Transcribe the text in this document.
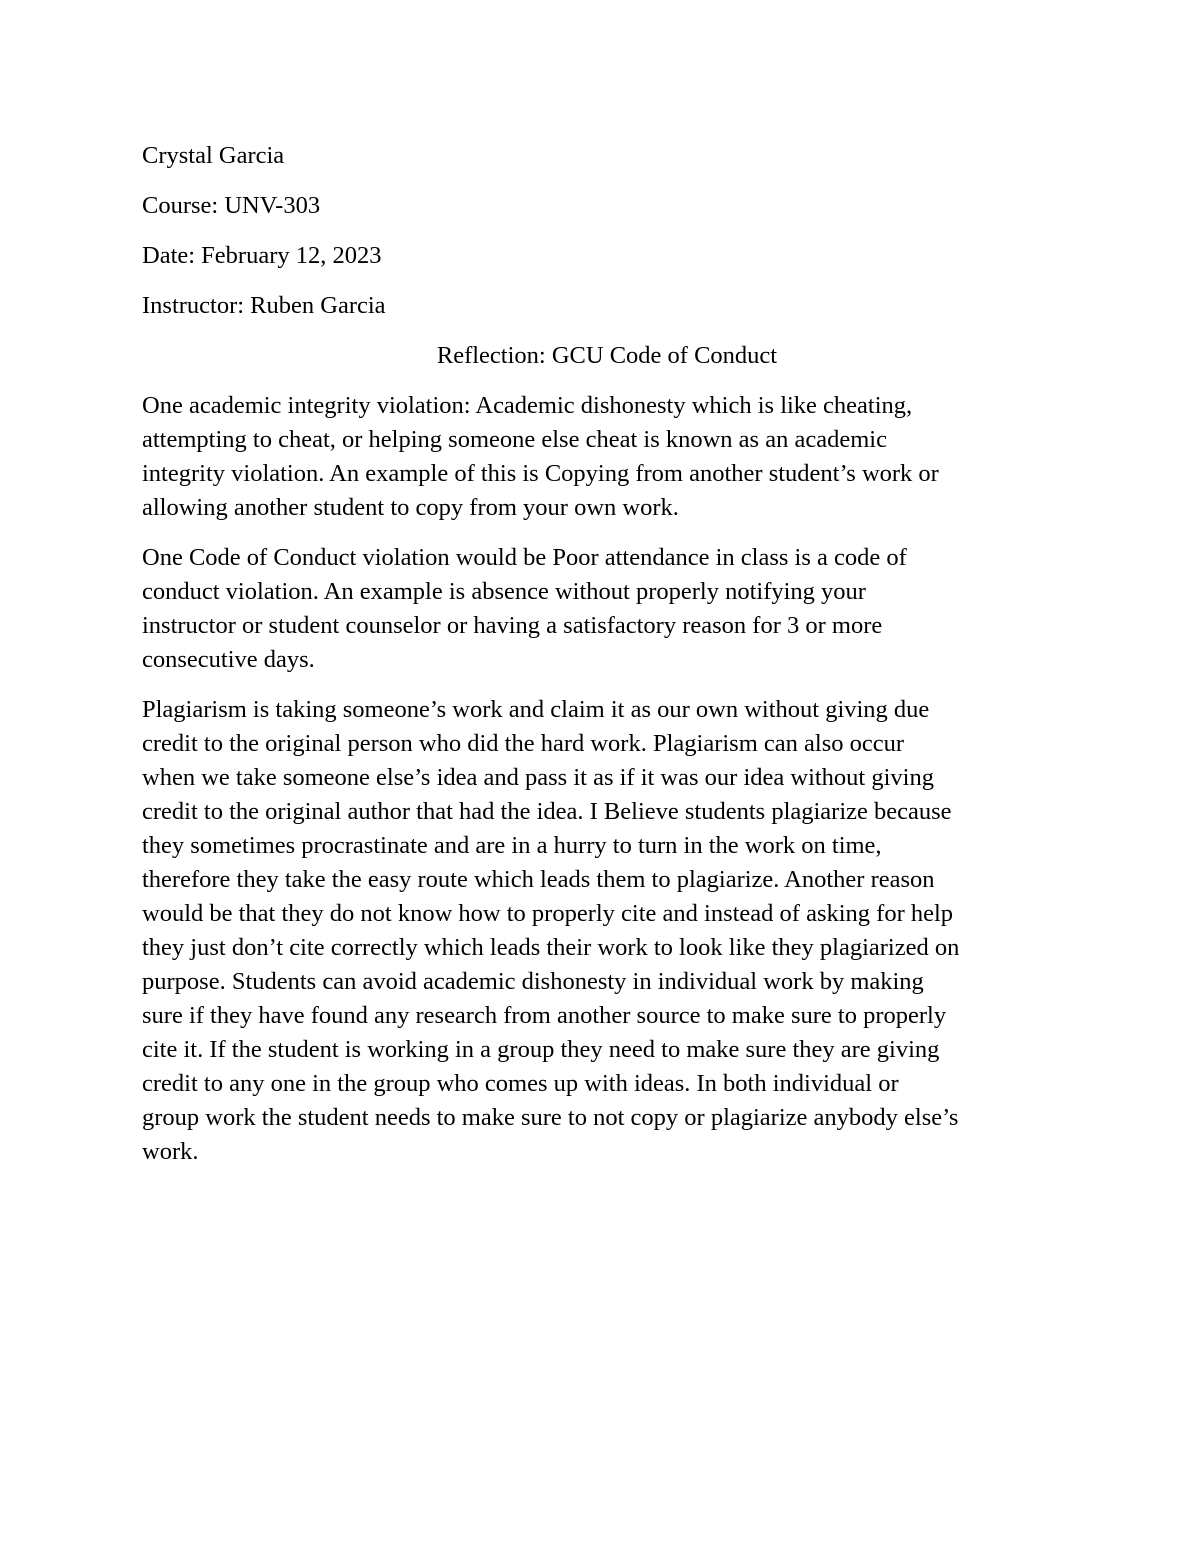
Crystal Garcia
Course: UNV-303
Date: February 12, 2023
Instructor: Ruben Garcia
Reflection: GCU Code of Conduct

One academic integrity violation: Academic dishonesty which is like cheating,
attempting to cheat, or helping someone else cheat is known as an academic
integrity violation. An example of this is Copying from another student’s work or
allowing another student to copy from your own work.

One Code of Conduct violation would be Poor attendance in class is a code of
conduct violation. An example is absence without properly notifying your
instructor or student counselor or having a satisfactory reason for 3 or more
consecutive days.

Plagiarism is taking someone’s work and claim it as our own without giving due
credit to the original person who did the hard work. Plagiarism can also occur
when we take someone else’s idea and pass it as if it was our idea without giving
credit to the original author that had the idea. I Believe students plagiarize because
they sometimes procrastinate and are in a hurry to turn in the work on time,
therefore they take the easy route which leads them to plagiarize. Another reason
would be that they do not know how to properly cite and instead of asking for help
they just don’t cite correctly which leads their work to look like they plagiarized on
purpose. Students can avoid academic dishonesty in individual work by making
sure if they have found any research from another source to make sure to properly
cite it. If the student is working in a group they need to make sure they are giving
credit to any one in the group who comes up with ideas. In both individual or
group work the student needs to make sure to not copy or plagiarize anybody else’s
work.
